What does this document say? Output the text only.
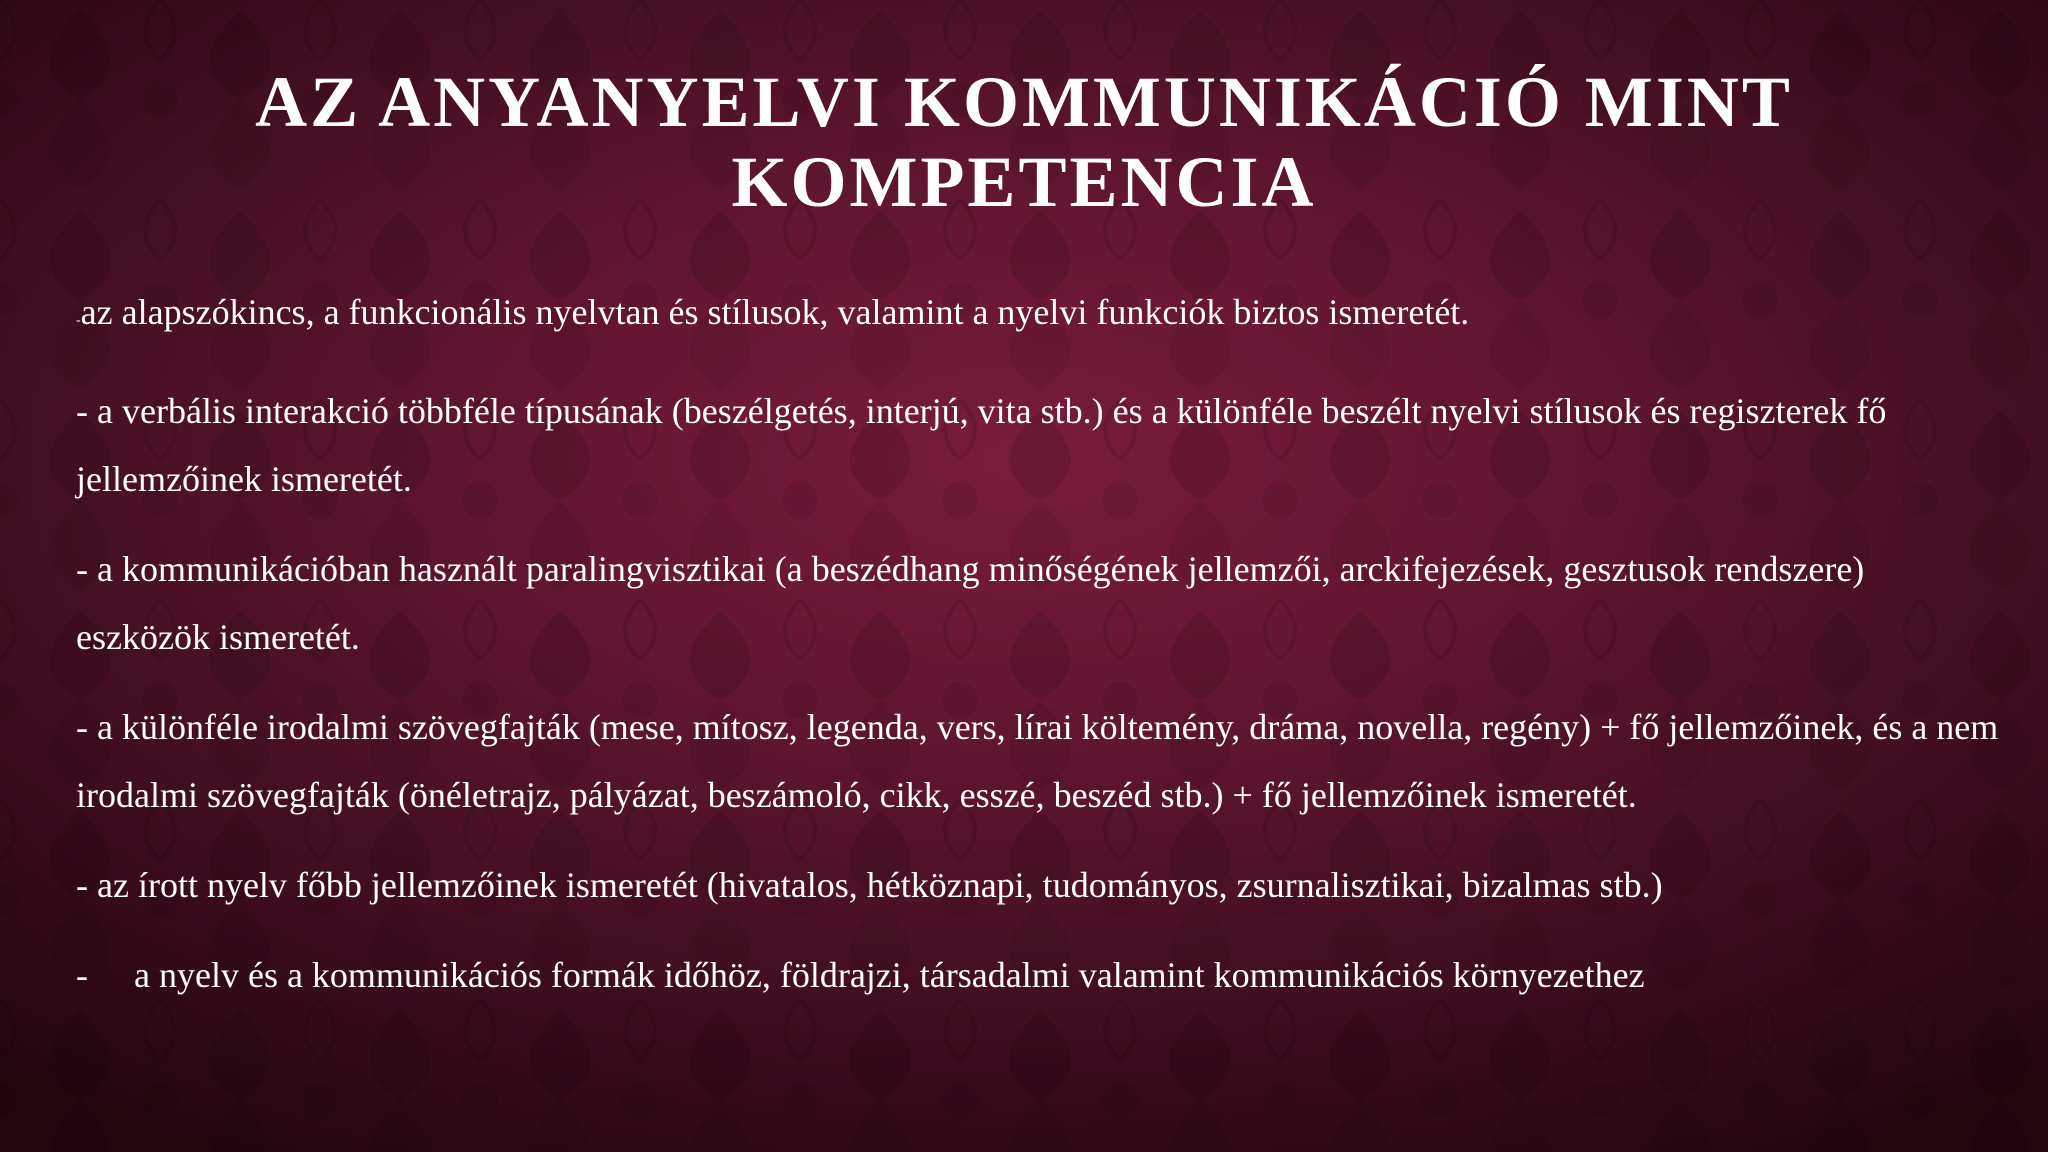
AZ ANYANYELVI KOMMUNIKÁCIÓ MINT
KOMPETENCIA

-az alapszókincs, a funkcionális nyelvtan és stílusok, valamint a nyelvi funkciók biztos ismeretét.

- a verbális interakció többféle típusának (beszélgetés, interjú, vita stb.) és a különféle beszélt nyelvi stílusok és regiszterek fő jellemzőinek ismeretét.

- a kommunikációban használt paralingvisztikai (a beszédhang minőségének jellemzői, arckifejezések, gesztusok rendszere) eszközök ismeretét.

- a különféle irodalmi szövegfajták (mese, mítosz, legenda, vers, lírai költemény, dráma, novella, regény) + fő jellemzőinek, és a nem irodalmi szövegfajták (önéletrajz, pályázat, beszámoló, cikk, esszé, beszéd stb.) + fő jellemzőinek ismeretét.

- az írott nyelv főbb jellemzőinek ismeretét (hivatalos, hétköznapi, tudományos, zsurnalisztikai, bizalmas stb.)

- a nyelv és a kommunikációs formák időhöz, földrajzi, társadalmi valamint kommunikációs környezethez
